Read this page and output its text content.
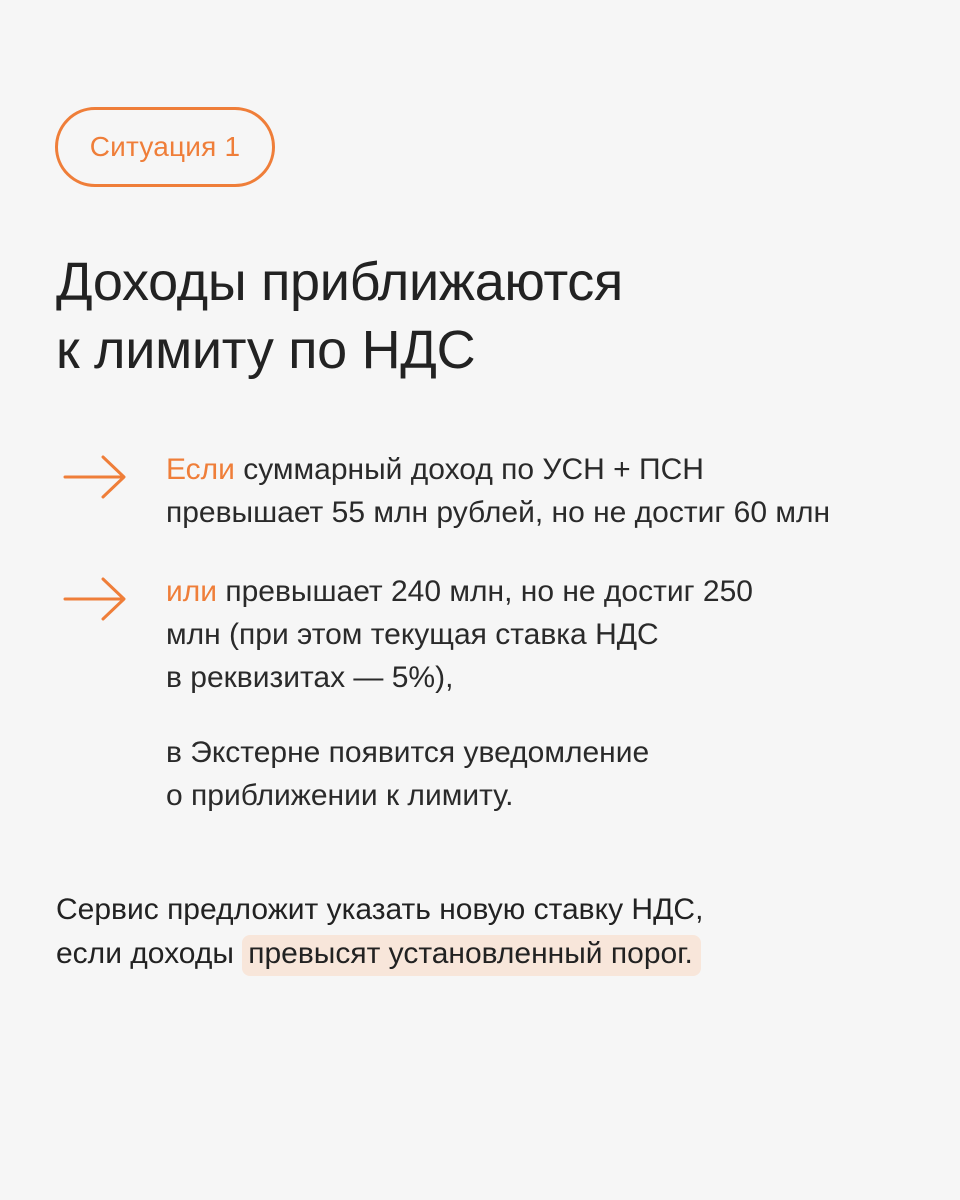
Ситуация 1
Доходы приближаются
к лимиту по НДС

Если суммарный доход по УСН + ПСН
превышает 55 млн рублей, но не достиг 60 млн

или превышает 240 млн, но не достиг 250
млн (при этом текущая ставка НДС
в реквизитах — 5%),

в Экстерне появится уведомление
о приближении к лимиту.

Сервис предложит указать новую ставку НДС,
если доходы превысят установленный порог.
